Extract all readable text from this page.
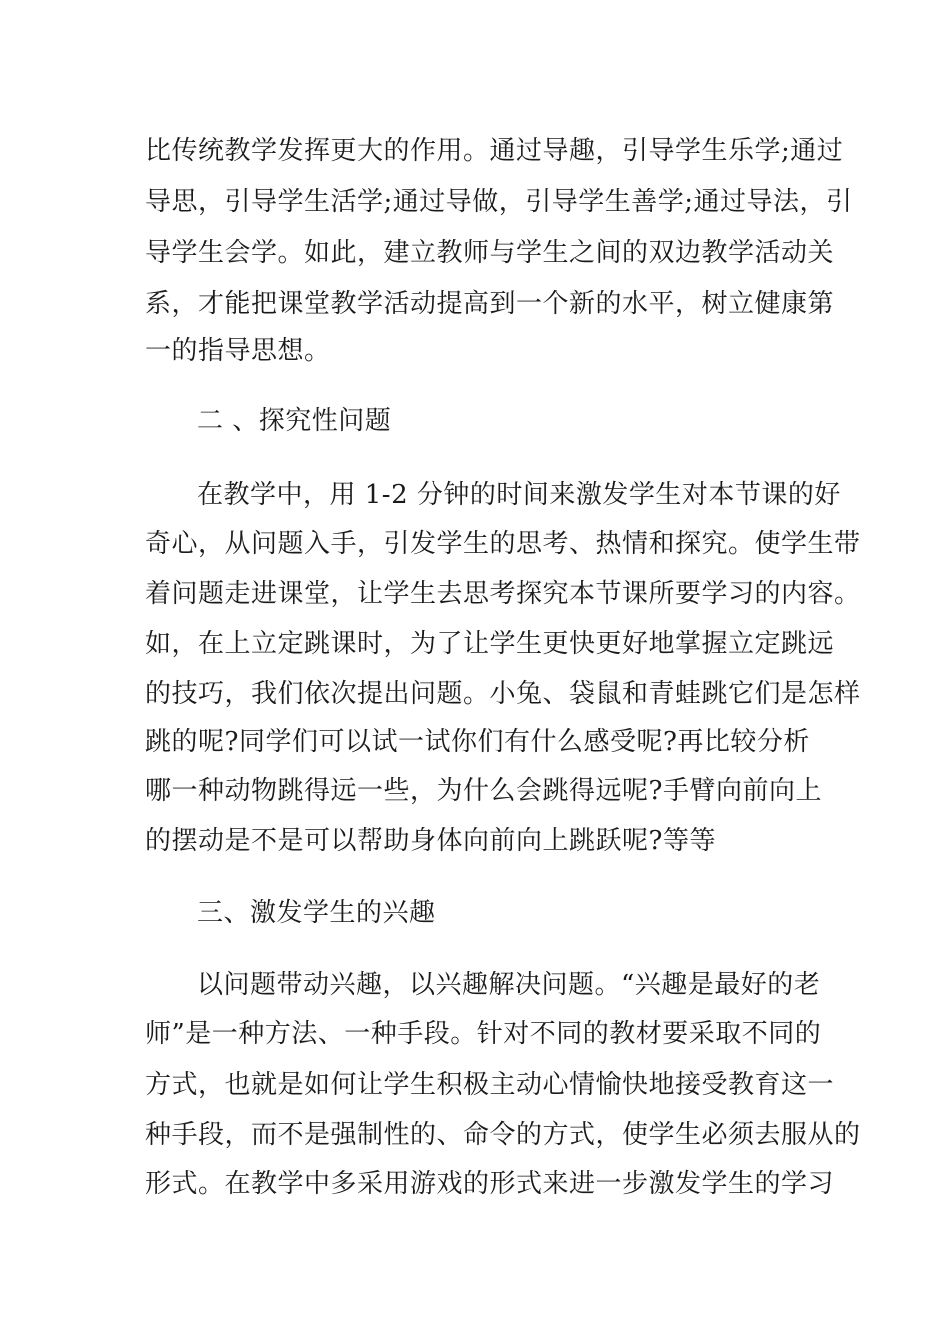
比传统教学发挥更大的作用。通过导趣，引导学生乐学;通过
导思，引导学生活学;通过导做，引导学生善学;通过导法，引
导学生会学。如此，建立教师与学生之间的双边教学活动关
系，才能把课堂教学活动提高到一个新的水平，树立健康第
一的指导思想。
二 、探究性问题
在教学中，用 1-2 分钟的时间来激发学生对本节课的好
奇心，从问题入手，引发学生的思考、热情和探究。使学生带
着问题走进课堂，让学生去思考探究本节课所要学习的内容。
如，在上立定跳课时，为了让学生更快更好地掌握立定跳远
的技巧，我们依次提出问题。小兔、袋鼠和青蛙跳它们是怎样
跳的呢?同学们可以试一试你们有什么感受呢?再比较分析
哪一种动物跳得远一些，为什么会跳得远呢?手臂向前向上
的摆动是不是可以帮助身体向前向上跳跃呢?等等
三、激发学生的兴趣
以问题带动兴趣，以兴趣解决问题。“兴趣是最好的老
师”是一种方法、一种手段。针对不同的教材要采取不同的
方式，也就是如何让学生积极主动心情愉快地接受教育这一
种手段，而不是强制性的、命令的方式，使学生必须去服从的
形式。在教学中多采用游戏的形式来进一步激发学生的学习
